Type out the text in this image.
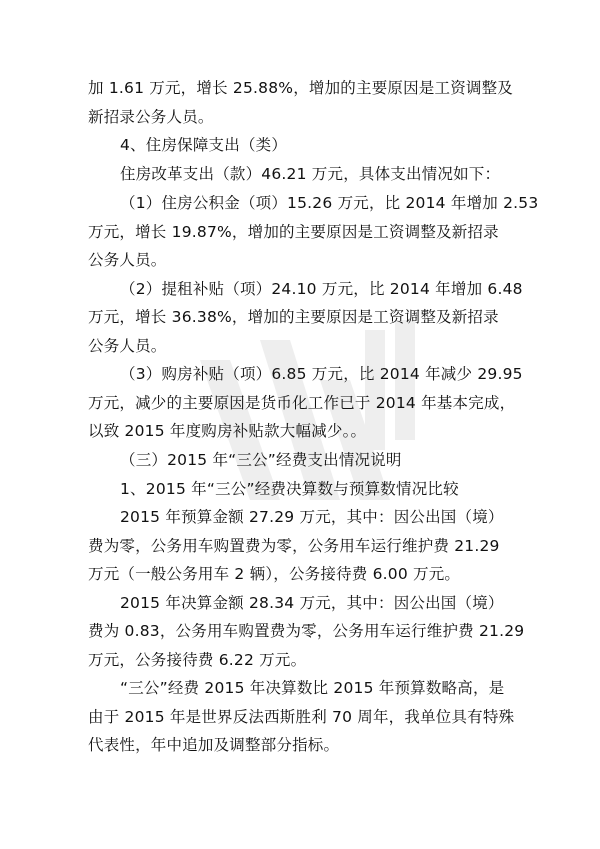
加 1.61 万元，增长 25.88%，增加的主要原因是工资调整及
新招录公务人员。
4、住房保障支出（类）
住房改革支出（款）46.21 万元，具体支出情况如下：
（1）住房公积金（项）15.26 万元，比 2014 年增加 2.53
万元，增长 19.87%，增加的主要原因是工资调整及新招录
公务人员。
（2）提租补贴（项）24.10 万元，比 2014 年增加 6.48
万元，增长 36.38%，增加的主要原因是工资调整及新招录
公务人员。
（3）购房补贴（项）6.85 万元，比 2014 年减少 29.95
万元，减少的主要原因是货币化工作已于 2014 年基本完成，
以致 2015 年度购房补贴款大幅减少。。
（三）2015 年“三公”经费支出情况说明
1、2015 年“三公”经费决算数与预算数情况比较
2015 年预算金额 27.29 万元，其中：因公出国（境）
费为零，公务用车购置费为零，公务用车运行维护费 21.29
万元（一般公务用车 2 辆），公务接待费 6.00 万元。
2015 年决算金额 28.34 万元，其中：因公出国（境）
费为 0.83，公务用车购置费为零，公务用车运行维护费 21.29
万元，公务接待费 6.22 万元。
“三公”经费 2015 年决算数比 2015 年预算数略高，是
由于 2015 年是世界反法西斯胜利 70 周年，我单位具有特殊
代表性，年中追加及调整部分指标。
